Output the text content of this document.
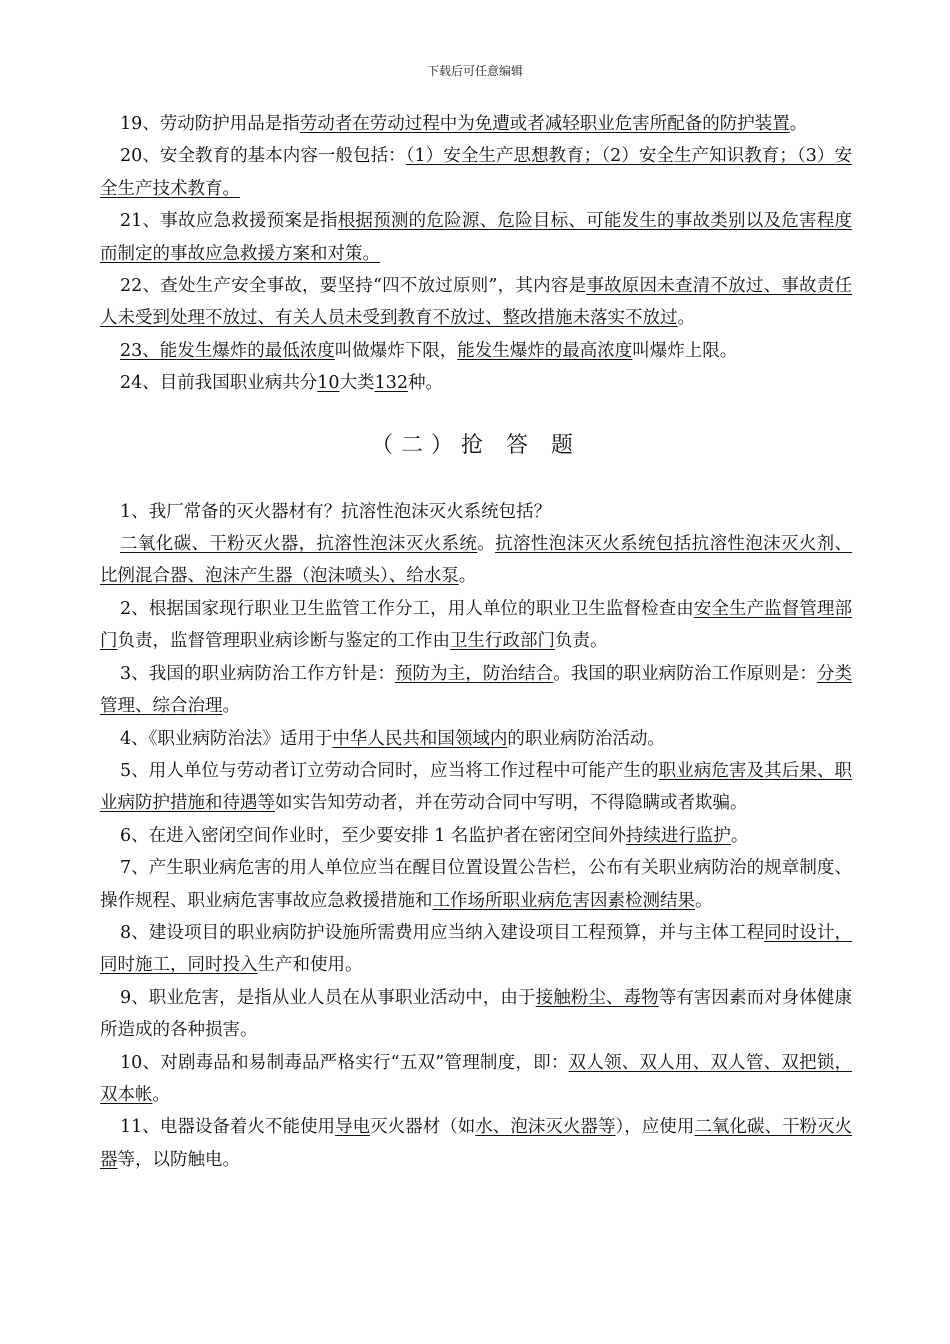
下载后可任意编辑

19、劳动防护用品是指劳动者在劳动过程中为免遭或者减轻职业危害所配备的防护装置。

20、安全教育的基本内容一般包括：（1）安全生产思想教育；（2）安全生产知识教育；（3）安全生产技术教育。

21、事故应急救援预案是指根据预测的危险源、危险目标、可能发生的事故类别以及危害程度而制定的事故应急救援方案和对策。

22、查处生产安全事故，要坚持“四不放过原则”，其内容是事故原因未查清不放过、事故责任人未受到处理不放过、有关人员未受到教育不放过、整改措施未落实不放过。

23、能发生爆炸的最低浓度叫做爆炸下限，能发生爆炸的最高浓度叫爆炸上限。

24、目前我国职业病共分10大类132种。

（二）抢 答 题

1、我厂常备的灭火器材有？抗溶性泡沫灭火系统包括？

二氧化碳、干粉灭火器，抗溶性泡沫灭火系统。抗溶性泡沫灭火系统包括抗溶性泡沫灭火剂、比例混合器、泡沫产生器（泡沫喷头）、给水泵。

2、根据国家现行职业卫生监管工作分工，用人单位的职业卫生监督检查由安全生产监督管理部门负责，监督管理职业病诊断与鉴定的工作由卫生行政部门负责。

3、我国的职业病防治工作方针是：预防为主，防治结合。我国的职业病防治工作原则是：分类管理、综合治理。

4、《职业病防治法》适用于中华人民共和国领域内的职业病防治活动。

5、用人单位与劳动者订立劳动合同时，应当将工作过程中可能产生的职业病危害及其后果、职业病防护措施和待遇等如实告知劳动者，并在劳动合同中写明，不得隐瞒或者欺骗。

6、在进入密闭空间作业时，至少要安排 1 名监护者在密闭空间外持续进行监护。

7、产生职业病危害的用人单位应当在醒目位置设置公告栏，公布有关职业病防治的规章制度、操作规程、职业病危害事故应急救援措施和工作场所职业病危害因素检测结果。

8、建设项目的职业病防护设施所需费用应当纳入建设项目工程预算，并与主体工程同时设计，同时施工，同时投入生产和使用。

9、职业危害，是指从业人员在从事职业活动中，由于接触粉尘、毒物等有害因素而对身体健康所造成的各种损害。

10、对剧毒品和易制毒品严格实行“五双”管理制度，即：双人领、双人用、双人管、双把锁，双本帐。

11、电器设备着火不能使用导电灭火器材（如水、泡沫灭火器等），应使用二氧化碳、干粉灭火器等，以防触电。
